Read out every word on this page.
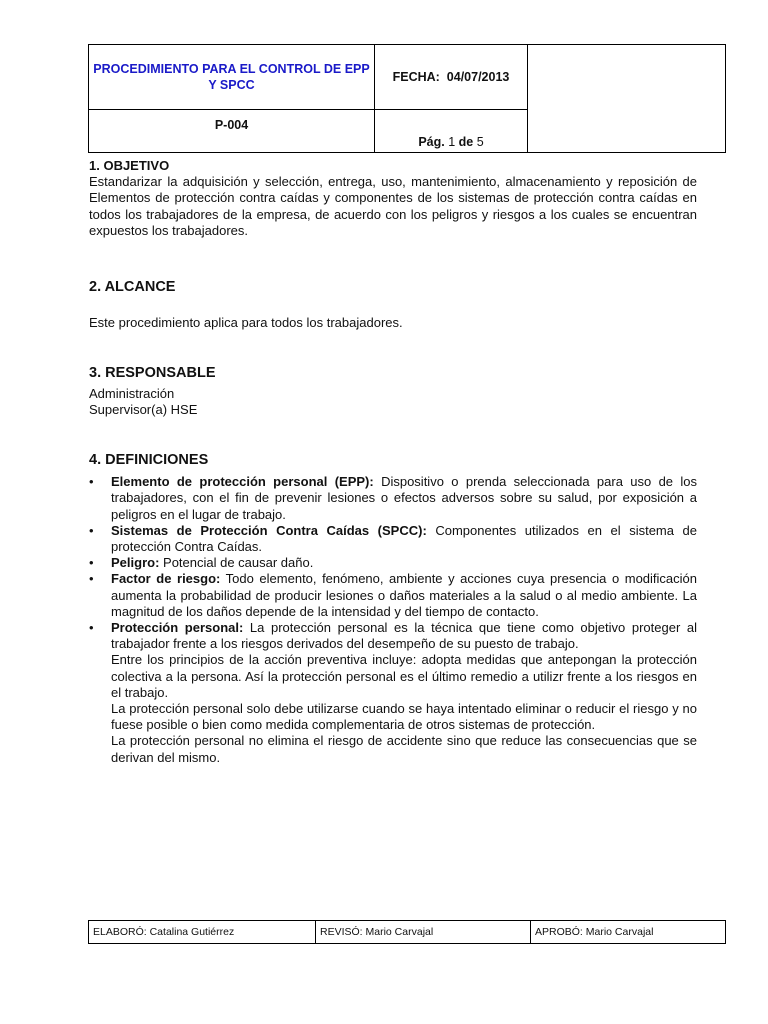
PROCEDIMIENTO PARA EL CONTROL DE EPP Y SPCC	FECHA: 04/07/2013	
P-004	Pág. 1 de 5	
1. OBJETIVO

Estandarizar la adquisición y selección, entrega, uso, mantenimiento, almacenamiento y reposición de Elementos de protección contra caídas y componentes de los sistemas de protección contra caídas en todos los trabajadores de la empresa, de acuerdo con los peligros y riesgos a los cuales se encuentran expuestos los trabajadores.

2. ALCANCE

Este procedimiento aplica para todos los trabajadores.

3. RESPONSABLE

Administración

Supervisor(a) HSE

4. DEFINICIONES
•	Elemento de protección personal (EPP): Dispositivo o prenda seleccionada para uso de los trabajadores, con el fin de prevenir lesiones o efectos adversos sobre su salud, por exposición a peligros en el lugar de trabajo.
•	Sistemas de Protección Contra Caídas (SPCC): Componentes utilizados en el sistema de protección Contra Caídas.
•	Peligro: Potencial de causar daño.
•	Factor de riesgo: Todo elemento, fenómeno, ambiente y acciones cuya presencia o modificación aumenta la probabilidad de producir lesiones o daños materiales a la salud o al medio ambiente. La magnitud de los daños depende de la intensidad y del tiempo de contacto.
•	Protección personal: La protección personal es la técnica que tiene como objetivo proteger al trabajador frente a los riesgos derivados del desempeño de su puesto de trabajo.

Entre los principios de la acción preventiva incluye: adopta medidas que antepongan la protección colectiva a la persona. Así la protección personal es el último remedio a utilizr frente a los riesgos en el trabajo.

La protección personal solo debe utilizarse cuando se haya intentado eliminar o reducir el riesgo y no fuese posible o bien como medida complementaria de otros sistemas de protección.

La protección personal no elimina el riesgo de accidente sino que reduce las consecuencias que se derivan del mismo.

ELABORÓ: Catalina Gutiérrez	REVISÓ: Mario Carvajal	APROBÓ: Mario Carvajal
